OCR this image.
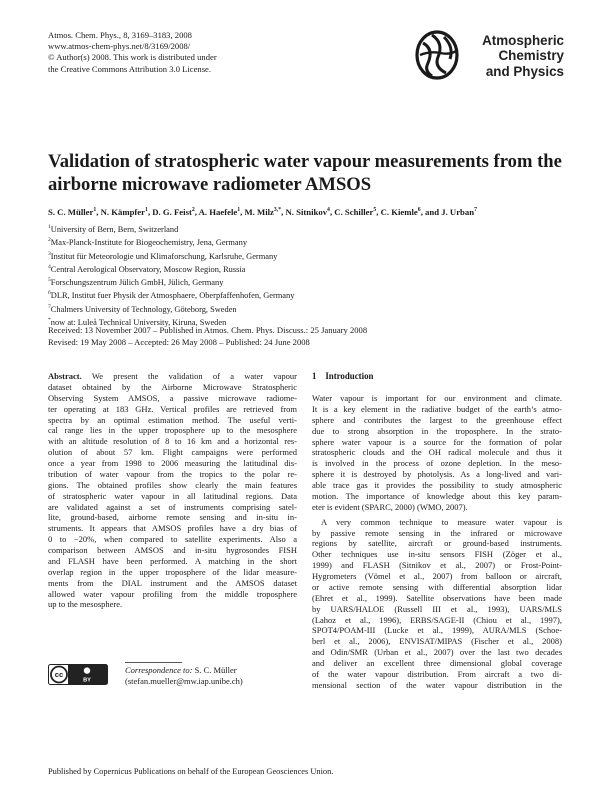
Atmos. Chem. Phys., 8, 3169–3183, 2008
www.atmos-chem-phys.net/8/3169/2008/
© Author(s) 2008. This work is distributed under
the Creative Commons Attribution 3.0 License.
Atmospheric
Chemistry
and Physics
Validation of stratospheric water vapour measurements from the
airborne microwave radiometer AMSOS
S. C. Müller$^1$, N. Kämpfer$^1$, D. G. Feist$^2$, A. Haefele$^1$, M. Milz$^{3,*}$, N. Sitnikov$^4$, C. Schiller$^5$, C. Kiemle$^6$, and J. Urban$^7$
$^1$University of Bern, Bern, Switzerland
$^2$Max-Planck-Institute for Biogeochemistry, Jena, Germany
$^3$Institut für Meteorologie und Klimaforschung, Karlsruhe, Germany
$^4$Central Aerological Observatory, Moscow Region, Russia
$^5$Forschungszentrum Jülich GmbH, Jülich, Germany
$^6$DLR, Institut fuer Physik der Atmosphaere, Oberpfaffenhofen, Germany
$^7$Chalmers University of Technology, Göteborg, Sweden
*now at: Luleå Technical University, Kiruna, Sweden
Received: 13 November 2007 – Published in Atmos. Chem. Phys. Discuss.: 25 January 2008
Revised: 19 May 2008 – Accepted: 26 May 2008 – Published: 24 June 2008
Abstract. We present the validation of a water vapour
dataset obtained by the Airborne Microwave Stratospheric
Observing System AMSOS, a passive microwave radiome-
ter operating at 183 GHz. Vertical profiles are retrieved from
spectra by an optimal estimation method. The useful verti-
cal range lies in the upper troposphere up to the mesosphere
with an altitude resolution of 8 to 16 km and a horizontal res-
olution of about 57 km. Flight campaigns were performed
once a year from 1998 to 2006 measuring the latitudinal dis-
tribution of water vapour from the tropics to the polar re-
gions. The obtained profiles show clearly the main features
of stratospheric water vapour in all latitudinal regions. Data
are validated against a set of instruments comprising satel-
lite, ground-based, airborne remote sensing and in-situ in-
struments. It appears that AMSOS profiles have a dry bias of
0 to −20%, when compared to satellite experiments. Also a
comparison between AMSOS and in-situ hygrosondes FISH
and FLASH have been performed. A matching in the short
overlap region in the upper troposphere of the lidar measure-
ments from the DIAL instrument and the AMSOS dataset
allowed water vapour profiling from the middle troposphere
up to the mesosphere.
1 Introduction
Water vapour is important for our environment and climate.
It is a key element in the radiative budget of the earth’s atmo-
sphere and contributes the largest to the greenhouse effect
due to strong absorption in the troposphere. In the strato-
sphere water vapour is a source for the formation of polar
stratospheric clouds and the OH radical molecule and thus it
is involved in the process of ozone depletion. In the meso-
sphere it is destroyed by photolysis. As a long-lived and vari-
able trace gas it provides the possibility to study atmospheric
motion. The importance of knowledge about this key param-
eter is evident (SPARC, 2000) (WMO, 2007).
A very common technique to measure water vapour is
by passive remote sensing in the infrared or microwave
regions by satellite, aircraft or ground-based instruments.
Other techniques use in-situ sensors FISH (Zöger et al.,
1999) and FLASH (Sitnikov et al., 2007) or Frost-Point-
Hygrometers (Vömel et al., 2007) from balloon or aircraft,
or active remote sensing with differential absorption lidar
(Ehret et al., 1999). Satellite observations have been made
by UARS/HALOE (Russell III et al., 1993), UARS/MLS
(Lahoz et al., 1996), ERBS/SAGE-II (Chiou et al., 1997),
SPOT4/POAM-III (Lucke et al., 1999), AURA/MLS (Schoe-
berl et al., 2006), ENVISAT/MIPAS (Fischer et al., 2008)
and Odin/SMR (Urban et al., 2007) over the last two decades
and deliver an excellent three dimensional global coverage
of the water vapour distribution. From aircraft a two di-
mensional section of the water vapour distribution in the
cc
BY
Correspondence to: S. C. Müller
(stefan.mueller@mw.iap.unibe.ch)
Published by Copernicus Publications on behalf of the European Geosciences Union.
